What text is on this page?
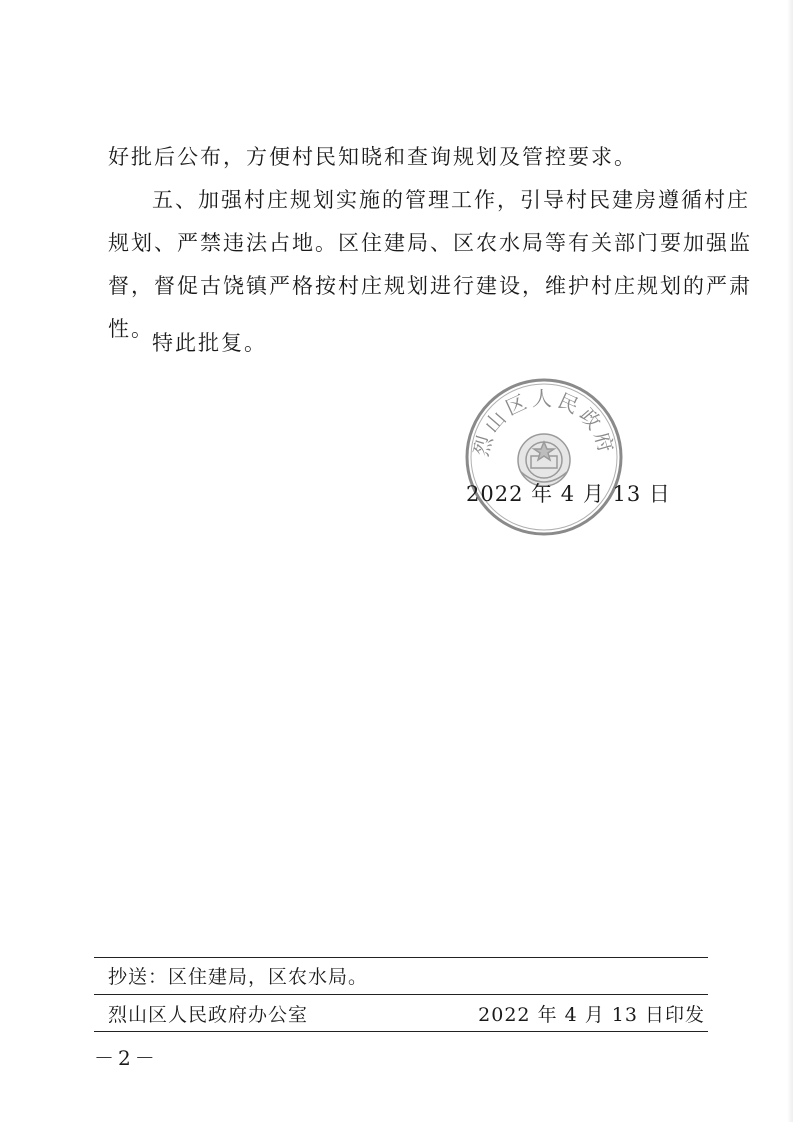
好批后公布，方便村民知晓和查询规划及管控要求。
五、加强村庄规划实施的管理工作，引导村民建房遵循村庄
规划、严禁违法占地。区住建局、区农水局等有关部门要加强监
督，督促古饶镇严格按村庄规划进行建设，维护村庄规划的严肃
性。
特此批复。
烈山区人民政府
2022 年 4 月 13 日
抄送：区住建局，区农水局。
烈山区人民政府办公室	2022 年 4 月 13 日印发
－2－
